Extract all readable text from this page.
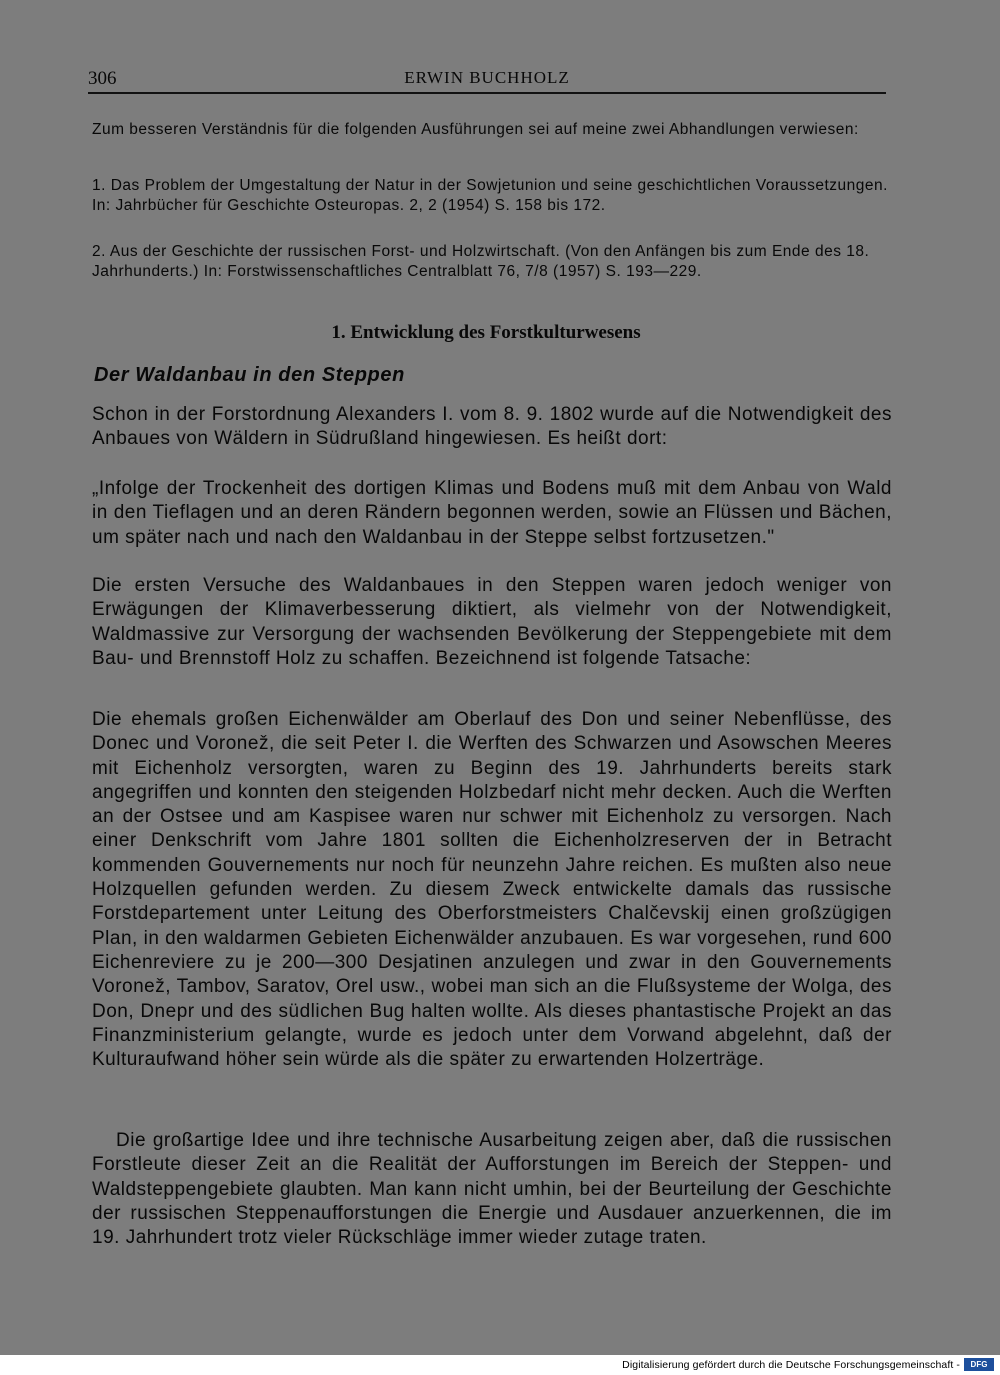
306	ERWIN BUCHHOLZ

Zum besseren Verständnis für die folgenden Ausführungen sei auf meine zwei Abhandlungen verwiesen:

1. Das Problem der Umgestaltung der Natur in der Sowjetunion und seine geschichtlichen Voraussetzungen. In: Jahrbücher für Geschichte Osteuropas. 2, 2 (1954) S. 158 bis 172.

2. Aus der Geschichte der russischen Forst- und Holzwirtschaft. (Von den Anfängen bis zum Ende des 18. Jahrhunderts.) In: Forstwissenschaftliches Centralblatt 76, 7/8 (1957) S. 193—229.

1. Entwicklung des Forstkulturwesens
Der Waldanbau in den Steppen

Schon in der Forstordnung Alexanders I. vom 8. 9. 1802 wurde auf die Notwendigkeit des Anbaues von Wäldern in Südrußland hingewiesen. Es heißt dort:

„Infolge der Trockenheit des dortigen Klimas und Bodens muß mit dem Anbau von Wald in den Tieflagen und an deren Rändern begonnen werden, sowie an Flüssen und Bächen, um später nach und nach den Waldanbau in der Steppe selbst fortzusetzen."

Die ersten Versuche des Waldanbaues in den Steppen waren jedoch weniger von Erwägungen der Klimaverbesserung diktiert, als vielmehr von der Notwendigkeit, Waldmassive zur Versorgung der wachsenden Bevölkerung der Steppengebiete mit dem Bau- und Brennstoff Holz zu schaffen. Bezeichnend ist folgende Tatsache:

Die ehemals großen Eichenwälder am Oberlauf des Don und seiner Nebenflüsse, des Donec und Voronež, die seit Peter I. die Werften des Schwarzen und Asowschen Meeres mit Eichenholz versorgten, waren zu Beginn des 19. Jahrhunderts bereits stark angegriffen und konnten den steigenden Holzbedarf nicht mehr decken. Auch die Werften an der Ostsee und am Kaspisee waren nur schwer mit Eichenholz zu versorgen. Nach einer Denkschrift vom Jahre 1801 sollten die Eichenholzreserven der in Betracht kommenden Gouvernements nur noch für neunzehn Jahre reichen. Es mußten also neue Holzquellen gefunden werden. Zu diesem Zweck entwickelte damals das russische Forstdepartement unter Leitung des Oberforstmeisters Chalčevskij einen großzügigen Plan, in den waldarmen Gebieten Eichenwälder anzubauen. Es war vorgesehen, rund 600 Eichenreviere zu je 200—300 Desjatinen anzulegen und zwar in den Gouvernements Voronež, Tambov, Saratov, Orel usw., wobei man sich an die Flußsysteme der Wolga, des Don, Dnepr und des südlichen Bug halten wollte. Als dieses phantastische Projekt an das Finanzministerium gelangte, wurde es jedoch unter dem Vorwand abgelehnt, daß der Kulturaufwand höher sein würde als die später zu erwartenden Holzerträge.

Die großartige Idee und ihre technische Ausarbeitung zeigen aber, daß die russischen Forstleute dieser Zeit an die Realität der Aufforstungen im Bereich der Steppen- und Waldsteppengebiete glaubten. Man kann nicht umhin, bei der Beurteilung der Geschichte der russischen Steppenaufforstungen die Energie und Ausdauer anzuerkennen, die im 19. Jahrhundert trotz vieler Rückschläge immer wieder zutage traten.

Digitalisierung gefördert durch die Deutsche Forschungsgemeinschaft -	DFG
